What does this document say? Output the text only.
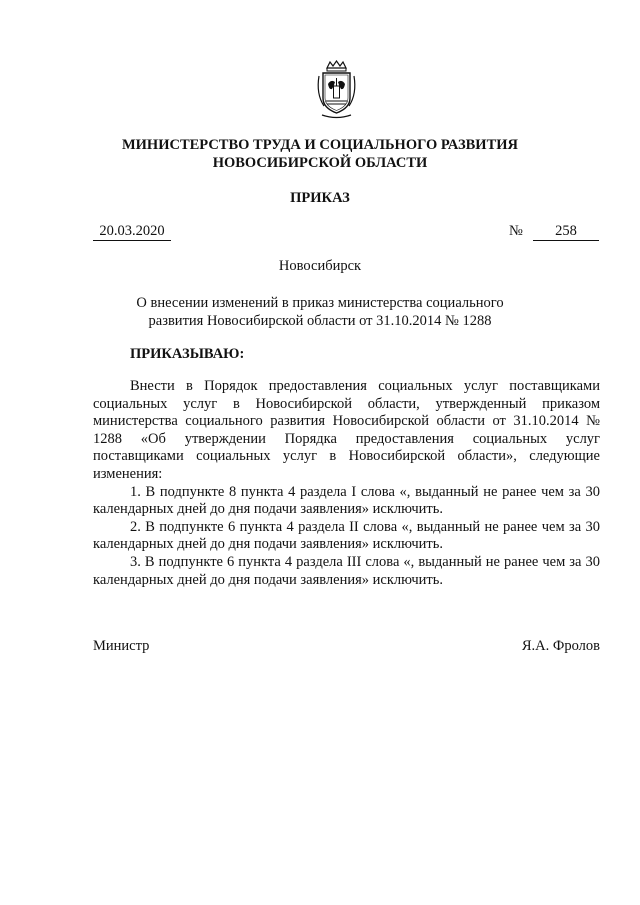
МИНИСТЕРСТВО ТРУДА И СОЦИАЛЬНОГО РАЗВИТИЯ
НОВОСИБИРСКОЙ ОБЛАСТИ
ПРИКАЗ
20.03.2020	№	258
Новосибирск
О внесении изменений в приказ министерства социального
развития Новосибирской области от 31.10.2014 № 1288
ПРИКАЗЫВАЮ:

Внести в Порядок предоставления социальных услуг поставщиками социальных услуг в Новосибирской области, утвержденный приказом министерства социального развития Новосибирской области от 31.10.2014 № 1288 «Об утверждении Порядка предоставления социальных услуг поставщиками социальных услуг в Новосибирской области», следующие изменения:

1. В подпункте 8 пункта 4 раздела I слова «, выданный не ранее чем за 30 календарных дней до дня подачи заявления» исключить.

2. В подпункте 6 пункта 4 раздела II слова «, выданный не ранее чем за 30 календарных дней до дня подачи заявления» исключить.

3. В подпункте 6 пункта 4 раздела III слова «, выданный не ранее чем за 30 календарных дней до дня подачи заявления» исключить.

Министр	Я.А. Фролов
